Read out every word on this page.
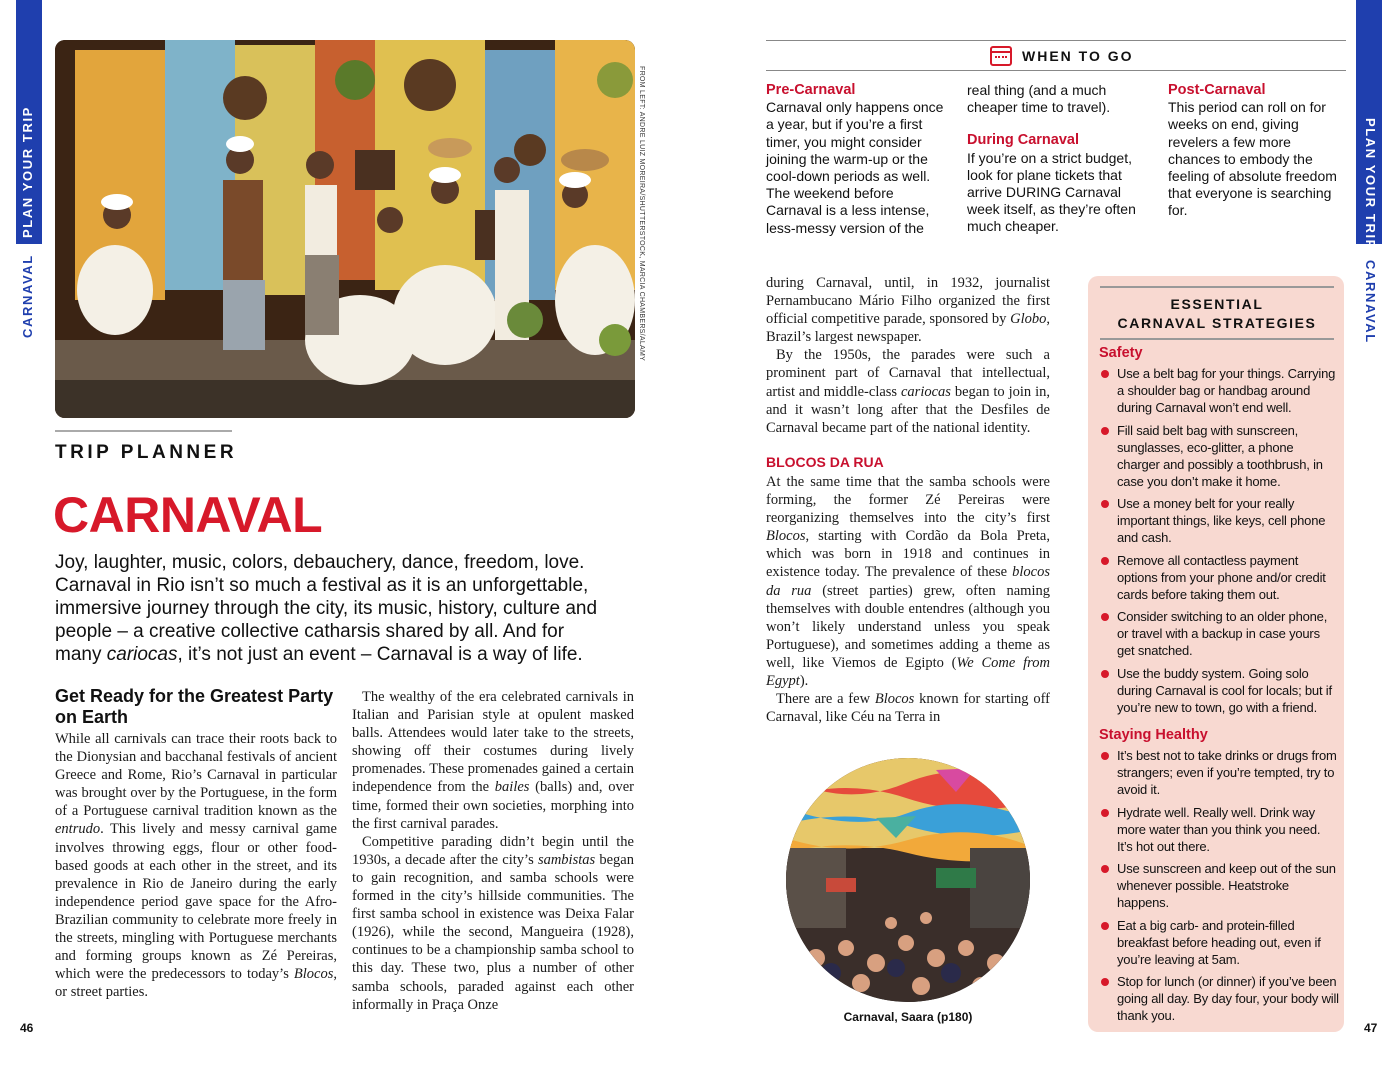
PLAN YOUR TRIP
CARNAVAL	FROM LEFT: ANDRE LUIZ MOREIRA/SHUTTERSTOCK, MARCIA CHAMBERS/ALAMY
TRIP PLANNER
CARNAVAL
Joy, laughter, music, colors, debauchery, dance, freedom, love. Carnaval in Rio isn’t so much a festival as it is an unforgettable, immersive journey through the city, its music, history, culture and people – a creative collective catharsis shared by all. And for many cariocas, it’s not just an event – Carnaval is a way of life.
Get Ready for the Greatest Party on Earth

While all carnivals can trace their roots back to the Dionysian and bacchanal festivals of ancient Greece and Rome, Rio’s Carnaval in particular was brought over by the Portuguese, in the form of a Portuguese carnival tradition known as the entrudo. This lively and messy carnival game involves throwing eggs, flour or other food-based goods at each other in the street, and its prevalence in Rio de Janeiro during the early independence period gave space for the Afro-Brazilian community to celebrate more freely in the streets, mingling with Portuguese merchants and forming groups known as Zé Pereiras, which were the predecessors to today’s Blocos, or street parties.

The wealthy of the era celebrated carnivals in Italian and Parisian style at opulent masked balls. Attendees would later take to the streets, showing off their costumes during lively promenades. These promenades gained a certain independence from the bailes (balls) and, over time, formed their own societies, morphing into the first carnival parades.

Competitive parading didn’t begin until the 1930s, a decade after the city’s sambistas began to gain recognition, and samba schools were formed in the city’s hillside communities. The first samba school in existence was Deixa Falar (1926), while the second, Mangueira (1928), continues to be a championship samba school to this day. These two, plus a number of other samba schools, paraded against each other informally in Praça Onze

46
PLAN YOUR TRIP
CARNAVAL
WHEN TO GO
Pre-Carnaval
Carnaval only happens once a year, but if you’re a first timer, you might consider joining the warm-up or the cool-down periods as well. The weekend before Carnaval is a less intense, less-messy version of the
real thing (and a much cheaper time to travel).
During Carnaval
If you’re on a strict budget, look for plane tickets that arrive DURING Carnaval week itself, as they’re often much cheaper.
Post-Carnaval
This period can roll on for weeks on end, giving revelers a few more chances to embody the feeling of absolute freedom that everyone is searching for.

during Carnaval, until, in 1932, journalist Pernambucano Mário Filho organized the first official competitive parade, sponsored by Globo, Brazil’s largest newspaper.

By the 1950s, the parades were such a prominent part of Carnaval that intellectual, artist and middle-class cariocas began to join in, and it wasn’t long after that the Desfiles de Carnaval became part of the national identity.

BLOCOS DA RUA

At the same time that the samba schools were forming, the former Zé Pereiras were reorganizing themselves into the city’s first Blocos, starting with Cordão da Bola Preta, which was born in 1918 and continues in existence today. The prevalence of these blocos da rua (street parties) grew, often naming themselves with double entendres (although you won’t likely understand unless you speak Portuguese), and sometimes adding a theme as well, like Viemos de Egipto (We Come from Egypt).

There are a few Blocos known for starting off Carnaval, like Céu na Terra in

Carnaval, Saara (p180)
ESSENTIAL
CARNAVAL STRATEGIES
Safety
Use a belt bag for your things. Carrying a shoulder bag or handbag around during Carnaval won’t end well.
Fill said belt bag with sunscreen, sunglasses, eco-glitter, a phone charger and possibly a toothbrush, in case you don’t make it home.
Use a money belt for your really important things, like keys, cell phone and cash.
Remove all contactless payment options from your phone and/or credit cards before taking them out.
Consider switching to an older phone, or travel with a backup in case yours get snatched.
Use the buddy system. Going solo during Carnaval is cool for locals; but if you’re new to town, go with a friend.
Staying Healthy
It’s best not to take drinks or drugs from strangers; even if you’re tempted, try to avoid it.
Hydrate well. Really well. Drink way more water than you think you need. It’s hot out there.
Use sunscreen and keep out of the sun whenever possible. Heatstroke happens.
Eat a big carb- and protein-filled breakfast before heading out, even if you’re leaving at 5am.
Stop for lunch (or dinner) if you’ve been going all day. By day four, your body will thank you.
47
